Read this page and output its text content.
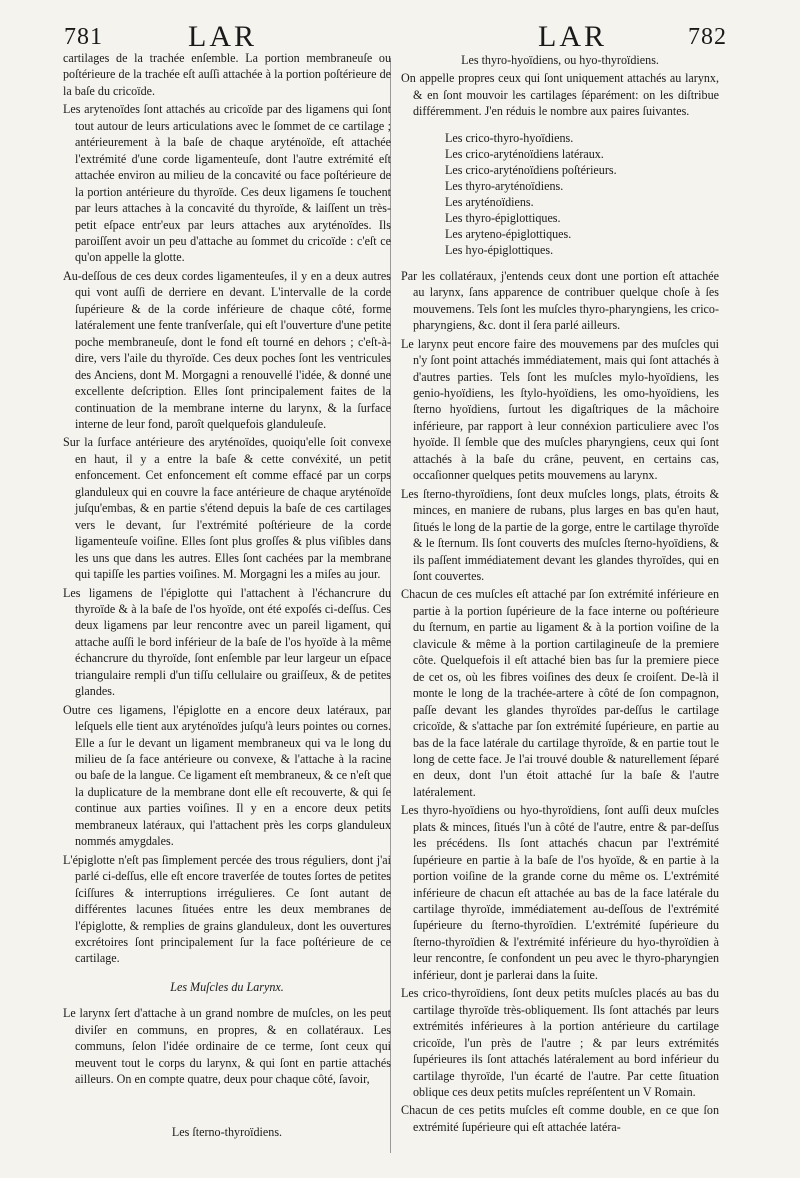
781	LAR	LAR	782

cartilages de la trachée enſemble. La portion membraneuſe ou poſtérieure de la trachée eſt auſſi attachée à la portion poſtérieure de la baſe du cricoïde.

Les arytenoïdes ſont attachés au cricoïde par des ligamens qui ſont tout autour de leurs articulations avec le ſommet de ce cartilage ; antérieurement à la baſe de chaque aryténoïde, eſt attachée l'extrémité d'une corde ligamenteuſe, dont l'autre extrémité eſt attachée environ au milieu de la concavité ou face poſtérieure de la portion antérieure du thyroïde. Ces deux ligamens ſe touchent par leurs attaches à la concavité du thyroïde, & laiſſent un très-petit eſpace entr'eux par leurs attaches aux aryténoïdes. Ils paroiſſent avoir un peu d'attache au ſommet du cricoïde : c'eſt ce qu'on appelle la glotte.

Au-deſſous de ces deux cordes ligamenteuſes, il y en a deux autres qui vont auſſi de derriere en devant. L'intervalle de la corde ſupérieure & de la corde inférieure de chaque côté, forme latéralement une fente tranſverſale, qui eſt l'ouverture d'une petite poche membraneuſe, dont le fond eſt tourné en dehors ; c'eſt-à-dire, vers l'aile du thyroïde. Ces deux poches ſont les ventricules des Anciens, dont M. Morgagni a renouvellé l'idée, & donné une excellente deſcription. Elles ſont principalement faites de la continuation de la membrane interne du larynx, & la ſurface interne de leur fond, paroît quelquefois glanduleuſe.

Sur la ſurface antérieure des aryténoïdes, quoiqu'elle ſoit convexe en haut, il y a entre la baſe & cette convéxité, un petit enfoncement. Cet enfoncement eſt comme effacé par un corps glanduleux qui en couvre la face antérieure de chaque aryténoïde juſqu'embas, & en partie s'étend depuis la baſe de ces cartilages vers le devant, ſur l'extrémité poſtérieure de la corde ligamenteuſe voiſine. Elles ſont plus groſſes & plus viſibles dans les uns que dans les autres. Elles ſont cachées par la membrane qui tapiſſe les parties voiſines. M. Morgagni les a miſes au jour.

Les ligamens de l'épiglotte qui l'attachent à l'échancrure du thyroïde & à la baſe de l'os hyoïde, ont été expoſés ci-deſſus. Ces deux ligamens par leur rencontre avec un pareil ligament, qui attache auſſi le bord inférieur de la baſe de l'os hyoïde à la même échancrure du thyroïde, ſont enſemble par leur largeur un eſpace triangulaire rempli d'un tiſſu cellulaire ou graiſſeux, & de petites glandes.

Outre ces ligamens, l'épiglotte en a encore deux latéraux, par leſquels elle tient aux aryténoïdes juſqu'à leurs pointes ou cornes. Elle a ſur le devant un ligament membraneux qui va le long du milieu de ſa face antérieure ou convexe, & l'attache à la racine ou baſe de la langue. Ce ligament eſt membraneux, & ce n'eſt que la duplicature de la membrane dont elle eſt recouverte, & qui ſe continue aux parties voiſines. Il y en a encore deux petits membraneux latéraux, qui l'attachent près les corps glanduleux nommés amygdales.

L'épiglotte n'eſt pas ſimplement percée des trous réguliers, dont j'ai parlé ci-deſſus, elle eſt encore traverſée de toutes ſortes de petites ſciſſures & interruptions irrégulieres. Ce ſont autant de différentes lacunes ſituées entre les deux membranes de l'épiglotte, & remplies de grains glanduleux, dont les ouvertures excrétoires ſont principalement ſur la face poſtérieure de ce cartilage.

Les Muſcles du Larynx.

Le larynx ſert d'attache à un grand nombre de muſcles, on les peut diviſer en communs, en propres, & en collatéraux. Les communs, ſelon l'idée ordinaire de ce terme, ſont ceux qui meuvent tout le corps du larynx, & qui ſont en partie attachés ailleurs. On en compte quatre, deux pour chaque côté, ſavoir,

Les ſterno-thyroïdiens.
Les thyro-hyoïdiens, ou hyo-thyroïdiens.

On appelle propres ceux qui ſont uniquement attachés au larynx, & en ſont mouvoir les cartilages ſéparément: on les diſtribue différemment. J'en réduis le nombre aux paires ſuivantes.

Les crico-thyro-hyoïdiens.
Les crico-aryténoïdiens latéraux.
Les crico-aryténoïdiens poſtérieurs.
Les thyro-aryténoïdiens.
Les aryténoïdiens.
Les thyro-épiglottiques.
Les aryteno-épiglottiques.
Les hyo-épiglottiques.

Par les collatéraux, j'entends ceux dont une portion eſt attachée au larynx, ſans apparence de contribuer quelque choſe à ſes mouvemens. Tels ſont les muſcles thyro-pharyngiens, les crico-pharyngiens, &c. dont il ſera parlé ailleurs.

Le larynx peut encore faire des mouvemens par des muſcles qui n'y ſont point attachés immédiatement, mais qui ſont attachés à d'autres parties. Tels ſont les muſcles mylo-hyoïdiens, les genio-hyoïdiens, les ſtylo-hyoïdiens, les omo-hyoïdiens, les ſterno hyoïdiens, ſurtout les digaſtriques de la mâchoire inférieure, par rapport à leur connéxion particuliere avec l'os hyoïde. Il ſemble que des muſcles pharyngiens, ceux qui ſont attachés à la baſe du crâne, peuvent, en certains cas, occaſionner quelques petits mouvemens au larynx.

Les ſterno-thyroïdiens, ſont deux muſcles longs, plats, étroits & minces, en maniere de rubans, plus larges en bas qu'en haut, ſitués le long de la partie de la gorge, entre le cartilage thyroïde & le ſternum. Ils ſont couverts des muſcles ſterno-hyoïdiens, & ils paſſent immédiatement devant les glandes thyroïdes, qui en ſont couvertes.

Chacun de ces muſcles eſt attaché par ſon extrémité inférieure en partie à la portion ſupérieure de la face interne ou poſtérieure du ſternum, en partie au ligament & à la portion voiſine de la clavicule & même à la portion cartilagineuſe de la premiere côte. Quelquefois il eſt attaché bien bas ſur la premiere piece de cet os, où les fibres voiſines des deux ſe croiſent. De-là il monte le long de la trachée-artere à côté de ſon compagnon, paſſe devant les glandes thyroïdes par-deſſus le cartilage cricoïde, & s'attache par ſon extrémité ſupérieure, en partie au bas de la face latérale du cartilage thyroïde, & en partie tout le long de cette face. Je l'ai trouvé double & naturellement ſéparé en deux, dont l'un étoit attaché ſur la baſe & l'autre latéralement.

Les thyro-hyoïdiens ou hyo-thyroïdiens, ſont auſſi deux muſcles plats & minces, ſitués l'un à côté de l'autre, entre & par-deſſus les précédens. Ils ſont attachés chacun par l'extrémité ſupérieure en partie à la baſe de l'os hyoïde, & en partie à la portion voiſine de la grande corne du même os. L'extrémité inférieure de chacun eſt attachée au bas de la face latérale du cartilage thyroïde, immédiatement au-deſſous de l'extrémité ſupérieure du ſterno-thyroïdien. L'extrémité ſupérieure du ſterno-thyroïdien & l'extrémité inférieure du hyo-thyroïdien à leur rencontre, ſe confondent un peu avec le thyro-pharyngien inférieur, dont je parlerai dans la ſuite.

Les crico-thyroïdiens, ſont deux petits muſcles placés au bas du cartilage thyroïde très-obliquement. Ils ſont attachés par leurs extrémités inférieures à la portion antérieure du cartilage cricoïde, l'un près de l'autre ; & par leurs extrémités ſupérieures ils ſont attachés latéralement au bord inférieur du cartilage thyroïde, l'un écarté de l'autre. Par cette ſituation oblique ces deux petits muſcles repréſentent un V Romain.

Chacun de ces petits muſcles eſt comme double, en ce que ſon extrémité ſupérieure qui eſt attachée latéra-
